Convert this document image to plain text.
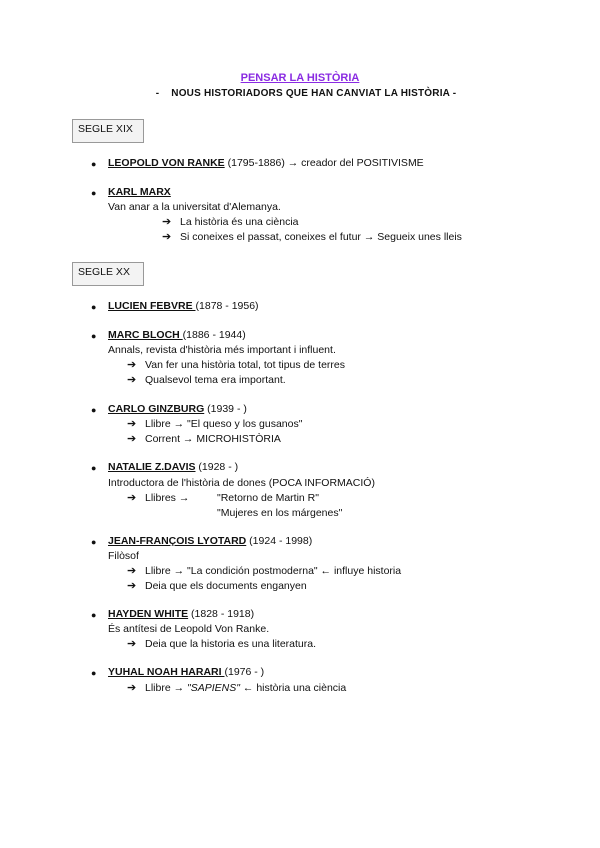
PENSAR LA HISTÒRIA
- NOUS HISTORIADORS QUE HAN CANVIAT LA HISTÒRIA -
SEGLE XIX
● LEOPOLD VON RANKE (1795-1886) → creador del POSITIVISME
● KARL MARX
Van anar a la universitat d'Alemanya.
➔ La història és una ciència
➔ Si coneixes el passat, coneixes el futur → Segueix unes lleis
SEGLE XX
● LUCIEN FEBVRE (1878 - 1956)
● MARC BLOCH (1886 - 1944)
Annals, revista d'història més important i influent.
➔ Van fer una història total, tot tipus de terres
➔ Qualsevol tema era important.
● CARLO GINZBURG (1939 - )
➔ Llibre → "El queso y los gusanos"
➔ Corrent → MICROHISTÒRIA
● NATALIE Z.DAVIS (1928 - )
Introductora de l'història de dones (POCA INFORMACIÓ)
➔ Llibres →	"Retorno de Martin R"
"Mujeres en los márgenes"
● JEAN-FRANÇOIS LYOTARD (1924 - 1998)
Filòsof
➔ Llibre → "La condición postmoderna" ← influye historia
➔ Deia que els documents enganyen
● HAYDEN WHITE (1828 - 1918)
És antítesi de Leopold Von Ranke.
➔ Deia que la historia es una literatura.
● YUHAL NOAH HARARI (1976 - )
➔ Llibre → "SAPIENS" ← història una ciència
